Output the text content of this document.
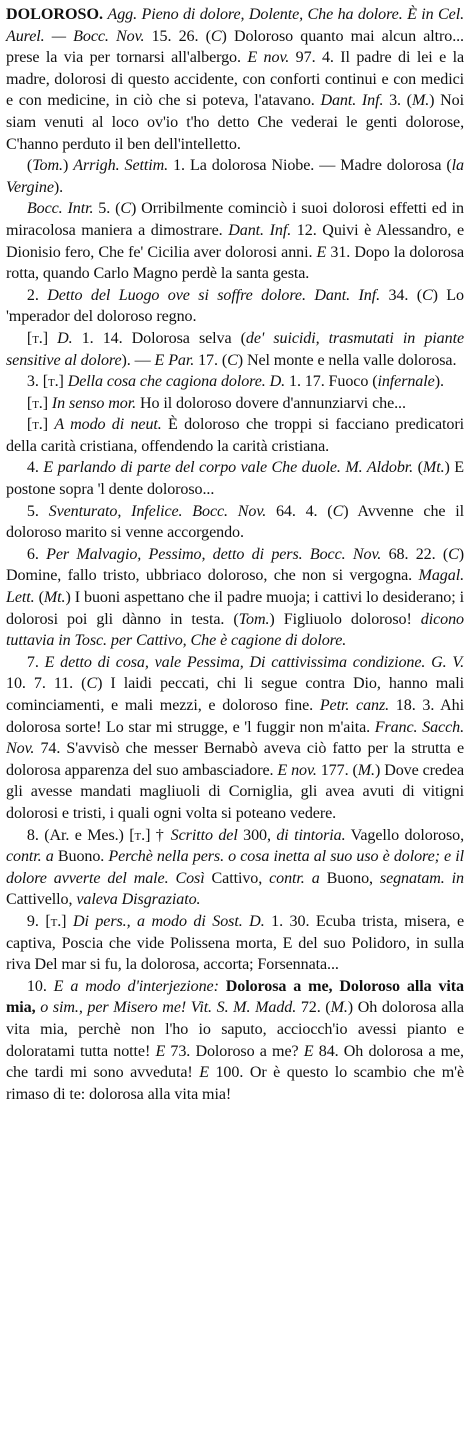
DOLOROSO. Agg. Pieno di dolore, Dolente, Che ha dolore. È in Cel. Aurel. — Bocc. Nov. 15. 26. (C) Doloroso quanto mai alcun altro... prese la via per tornarsi all'albergo. E nov. 97. 4. Il padre di lei e la madre, dolorosi di questo accidente, con conforti continui e con medici e con medicine, in ciò che si poteva, l'atavano. Dant. Inf. 3. (M.) Noi siam venuti al loco ov'io t'ho detto Che vederai le genti dolorose, C'hanno perduto il ben dell'intelletto.

(Tom.) Arrigh. Settim. 1. La dolorosa Niobe. — Madre dolorosa (la Vergine).

Bocc. Intr. 5. (C) Orribilmente cominciò i suoi dolorosi effetti ed in miracolosa maniera a dimostrare. Dant. Inf. 12. Quivi è Alessandro, e Dionisio fero, Che fe' Cicilia aver dolorosi anni. E 31. Dopo la dolorosa rotta, quando Carlo Magno perdè la santa gesta.

2. Detto del Luogo ove si soffre dolore. Dant. Inf. 34. (C) Lo 'mperador del doloroso regno.

[t.] D. 1. 14. Dolorosa selva (de' suicidi, trasmutati in piante sensitive al dolore). — E Par. 17. (C) Nel monte e nella valle dolorosa.

3. [t.] Della cosa che cagiona dolore. D. 1. 17. Fuoco (infernale).

[t.] In senso mor. Ho il doloroso dovere d'annunziarvi che...

[t.] A modo di neut. È doloroso che troppi si facciano predicatori della carità cristiana, offendendo la carità cristiana.

4. E parlando di parte del corpo vale Che duole. M. Aldobr. (Mt.) E postone sopra 'l dente doloroso...

5. Sventurato, Infelice. Bocc. Nov. 64. 4. (C) Avvenne che il doloroso marito si venne accorgendo.

6. Per Malvagio, Pessimo, detto di pers. Bocc. Nov. 68. 22. (C) Domine, fallo tristo, ubbriaco doloroso, che non si vergogna. Magal. Lett. (Mt.) I buoni aspettano che il padre muoja; i cattivi lo desiderano; i dolorosi poi gli dànno in testa. (Tom.) Figliuolo doloroso! dicono tuttavia in Tosc. per Cattivo, Che è cagione di dolore.

7. E detto di cosa, vale Pessima, Di cattivissima condizione. G. V. 10. 7. 11. (C) I laidi peccati, chi li segue contra Dio, hanno mali cominciamenti, e mali mezzi, e doloroso fine. Petr. canz. 18. 3. Ahi dolorosa sorte! Lo star mi strugge, e 'l fuggir non m'aita. Franc. Sacch. Nov. 74. S'avvisò che messer Bernabò aveva ciò fatto per la strutta e dolorosa apparenza del suo ambasciadore. E nov. 177. (M.) Dove credea gli avesse mandati magliuoli di Corniglia, gli avea avuti di vitigni dolorosi e tristi, i quali ogni volta si poteano vedere.

8. (Ar. e Mes.) [t.] † Scritto del 300, di tintoria. Vagello doloroso, contr. a Buono. Perchè nella pers. o cosa inetta al suo uso è dolore; e il dolore avverte del male. Così Cattivo, contr. a Buono, segnatam. in Cattivello, valeva Disgraziato.

9. [t.] Di pers., a modo di Sost. D. 1. 30. Ecuba trista, misera, e captiva, Poscia che vide Polissena morta, E del suo Polidoro, in sulla riva Del mar si fu, la dolorosa, accorta; Forsennata...

10. E a modo d'interjezione: Dolorosa a me, Doloroso alla vita mia, o sim., per Misero me! Vit. S. M. Madd. 72. (M.) Oh dolorosa alla vita mia, perchè non l'ho io saputo, acciocch'io avessi pianto e doloratami tutta notte! E 73. Doloroso a me? E 84. Oh dolorosa a me, che tardi mi sono avveduta! E 100. Or è questo lo scambio che m'è rimaso di te: dolorosa alla vita mia!
